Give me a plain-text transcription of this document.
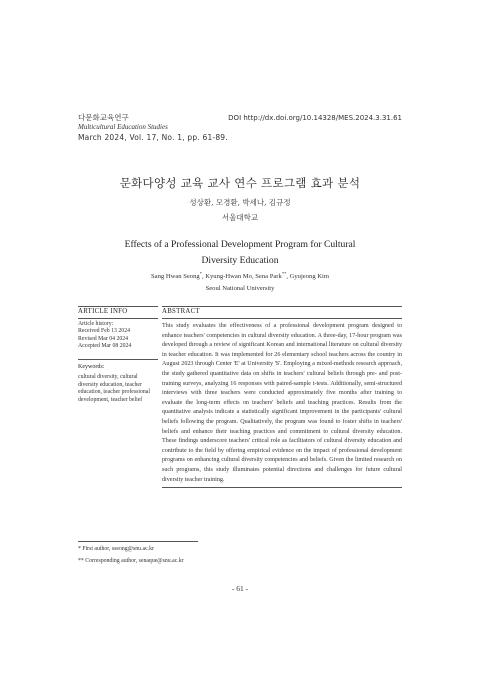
다문화교육연구
Multicultural Education Studies
March 2024, Vol. 17, No. 1, pp. 61-89.
DOI http://dx.doi.org/10.14328/MES.2024.3.31.61
문화다양성 교육 교사 연수 프로그램 효과 분석
성상환, 모경환, 박세나, 김규정
서울대학교
Effects of a Professional Development Program for Cultural Diversity Education
Sang Hwan Seong*, Kyung-Hwan Mo, Sena Park**, Gyujeong Kim
Seoul National University
ARTICLE INFO
Article history:
Received Feb 13 2024
Revised Mar 04 2024
Accepted Mar 08 2024
Keywords:
cultural diversity, cultural diversity education, teacher education, teacher professional development, teacher belief
ABSTRACT
This study evaluates the effectiveness of a professional development program designed to enhance teachers' competencies in cultural diversity education. A three-day, 17-hour program was developed through a review of significant Korean and international literature on cultural diversity in teacher education. It was implemented for 26 elementary school teachers across the country in August 2023 through Center 'E' at University 'S'. Employing a mixed-methods research approach, the study gathered quantitative data on shifts in teachers' cultural beliefs through pre- and post-training surveys, analyzing 16 responses with paired-sample t-tests. Additionally, semi-structured interviews with three teachers were conducted approximately five months after training to evaluate the long-term effects on teachers' beliefs and teaching practices. Results from the quantitative analysis indicate a statistically significant improvement in the participants' cultural beliefs following the program. Qualitatively, the program was found to foster shifts in teachers' beliefs and enhance their teaching practices and commitment to cultural diversity education. These findings underscore teachers' critical role as facilitators of cultural diversity education and contribute to the field by offering empirical evidence on the impact of professional development programs on enhancing cultural diversity competencies and beliefs. Given the limited research on such programs, this study illuminates potential directions and challenges for future cultural diversity teacher training.
* First author, sseong@snu.ac.kr
** Corresponding author, senaque@snu.ac.kr
- 61 -
